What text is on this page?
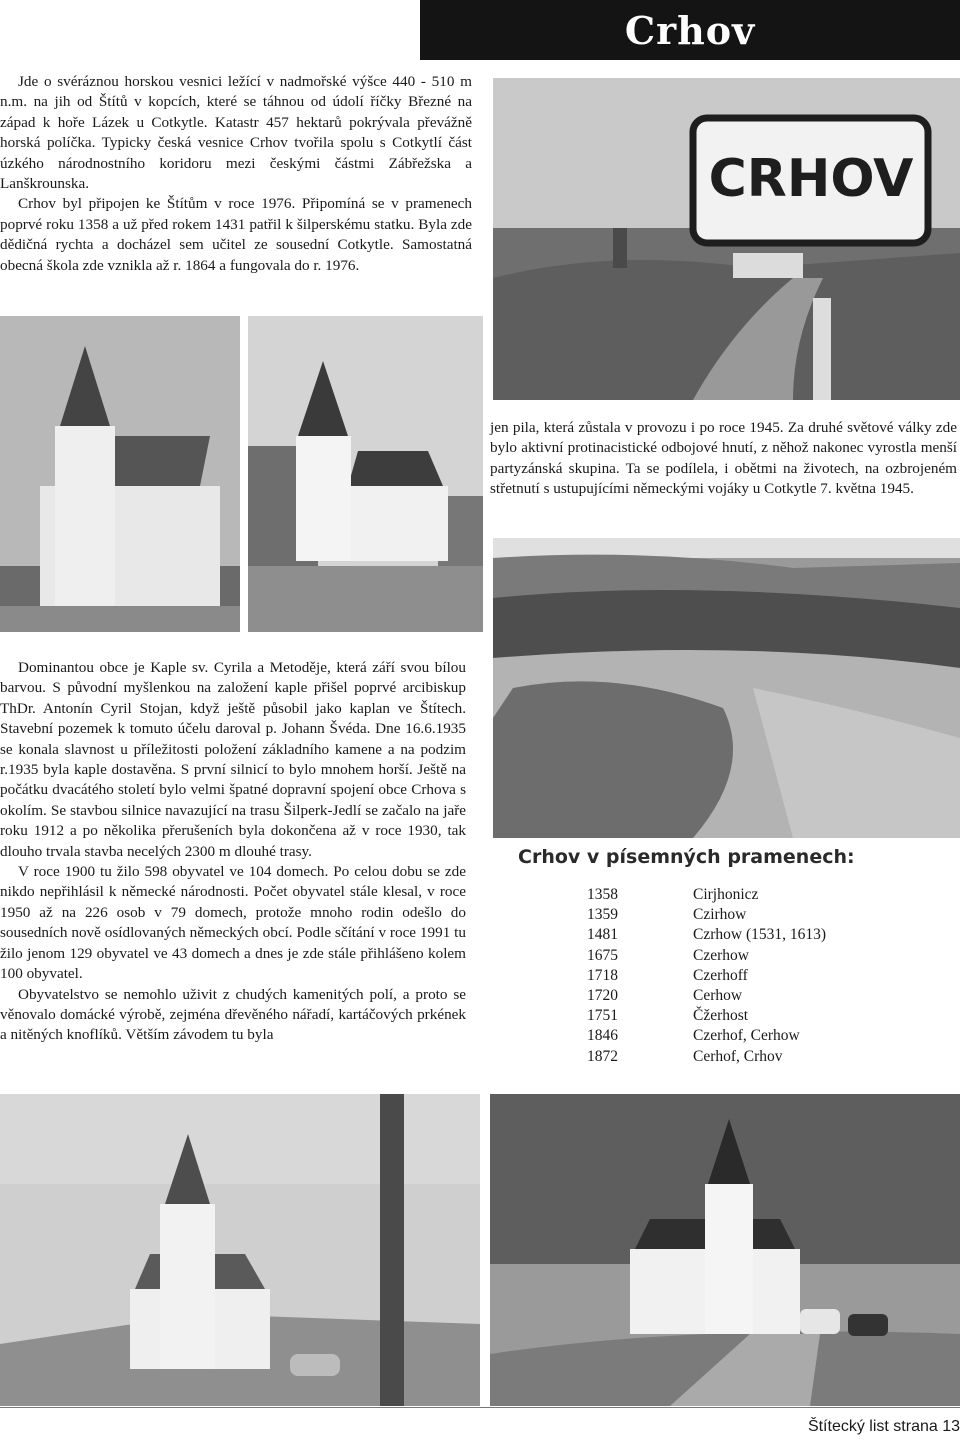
Crhov

Jde o svéráznou horskou vesnici ležící v nadmořské výšce 440 - 510 m n.m. na jih od Štítů v kopcích, které se táhnou od údolí říčky Březné na západ k hoře Lázek u Cotkytle. Katastr 457 hektarů pokrývala převážně horská políčka. Typicky česká vesnice Crhov tvořila spolu s Cotkytlí část úzkého národnostního koridoru mezi českými částmi Zábřežska a Lanškrounska.

Crhov byl připojen ke Štítům v roce 1976. Připomíná se v pramenech poprvé roku 1358 a už před rokem 1431 patřil k šilperskému statku. Byla zde dědičná rychta a docházel sem učitel ze sousední Cotkytle. Samostatná obecná škola zde vznikla až r. 1864 a fungovala do r. 1976.

CRHOV

jen pila, která zůstala v provozu i po roce 1945. Za druhé světové války zde bylo aktivní protinacistické odbojové hnutí, z něhož nakonec vyrostla menší partyzánská skupina. Ta se podílela, i obětmi na životech, na ozbrojeném střetnutí s ustupujícími německými vojáky u Cotkytle 7. května 1945.

Dominantou obce je Kaple sv. Cyrila a Metoděje, která září svou bílou barvou. S původní myšlenkou na založení kaple přišel poprvé arcibiskup ThDr. Antonín Cyril Stojan, když ještě působil jako kaplan ve Štítech. Stavební pozemek k tomuto účelu daroval p. Johann Švéda. Dne 16.6.1935 se konala slavnost u příležitosti položení základního kamene a na podzim r.1935 byla kaple dostavěna. S první silnicí to bylo mnohem horší. Ještě na počátku dvacátého století bylo velmi špatné dopravní spojení obce Crhova s okolím. Se stavbou silnice navazující na trasu Šilperk-Jedlí se začalo na jaře roku 1912 a po několika přerušeních byla dokončena až v roce 1930, tak dlouho trvala stavba necelých 2300 m dlouhé trasy.

V roce 1900 tu žilo 598 obyvatel ve 104 domech. Po celou dobu se zde nikdo nepřihlásil k německé národnosti. Počet obyvatel stále klesal, v roce 1950 až na 226 osob v 79 domech, protože mnoho rodin odešlo do sousedních nově osídlovaných německých obcí. Podle sčítání v roce 1991 tu žilo jenom 129 obyvatel ve 43 domech a dnes je zde stále přihlášeno kolem 100 obyvatel.

Obyvatelstvo se nemohlo uživit z chudých kamenitých polí, a proto se věnovalo domácké výrobě, zejména dřevěného nářadí, kartáčových prkének a nitěných knoflíků. Větším závodem tu byla

Crhov v písemných pramenech:
1358	Cirjhonicz
1359	Czirhow
1481	Czrhow (1531, 1613)
1675	Czerhow
1718	Czerhoff
1720	Cerhow
1751	Čžerhost
1846	Czerhof, Cerhow
1872	Cerhof, Crhov
Štítecký list strana 13
